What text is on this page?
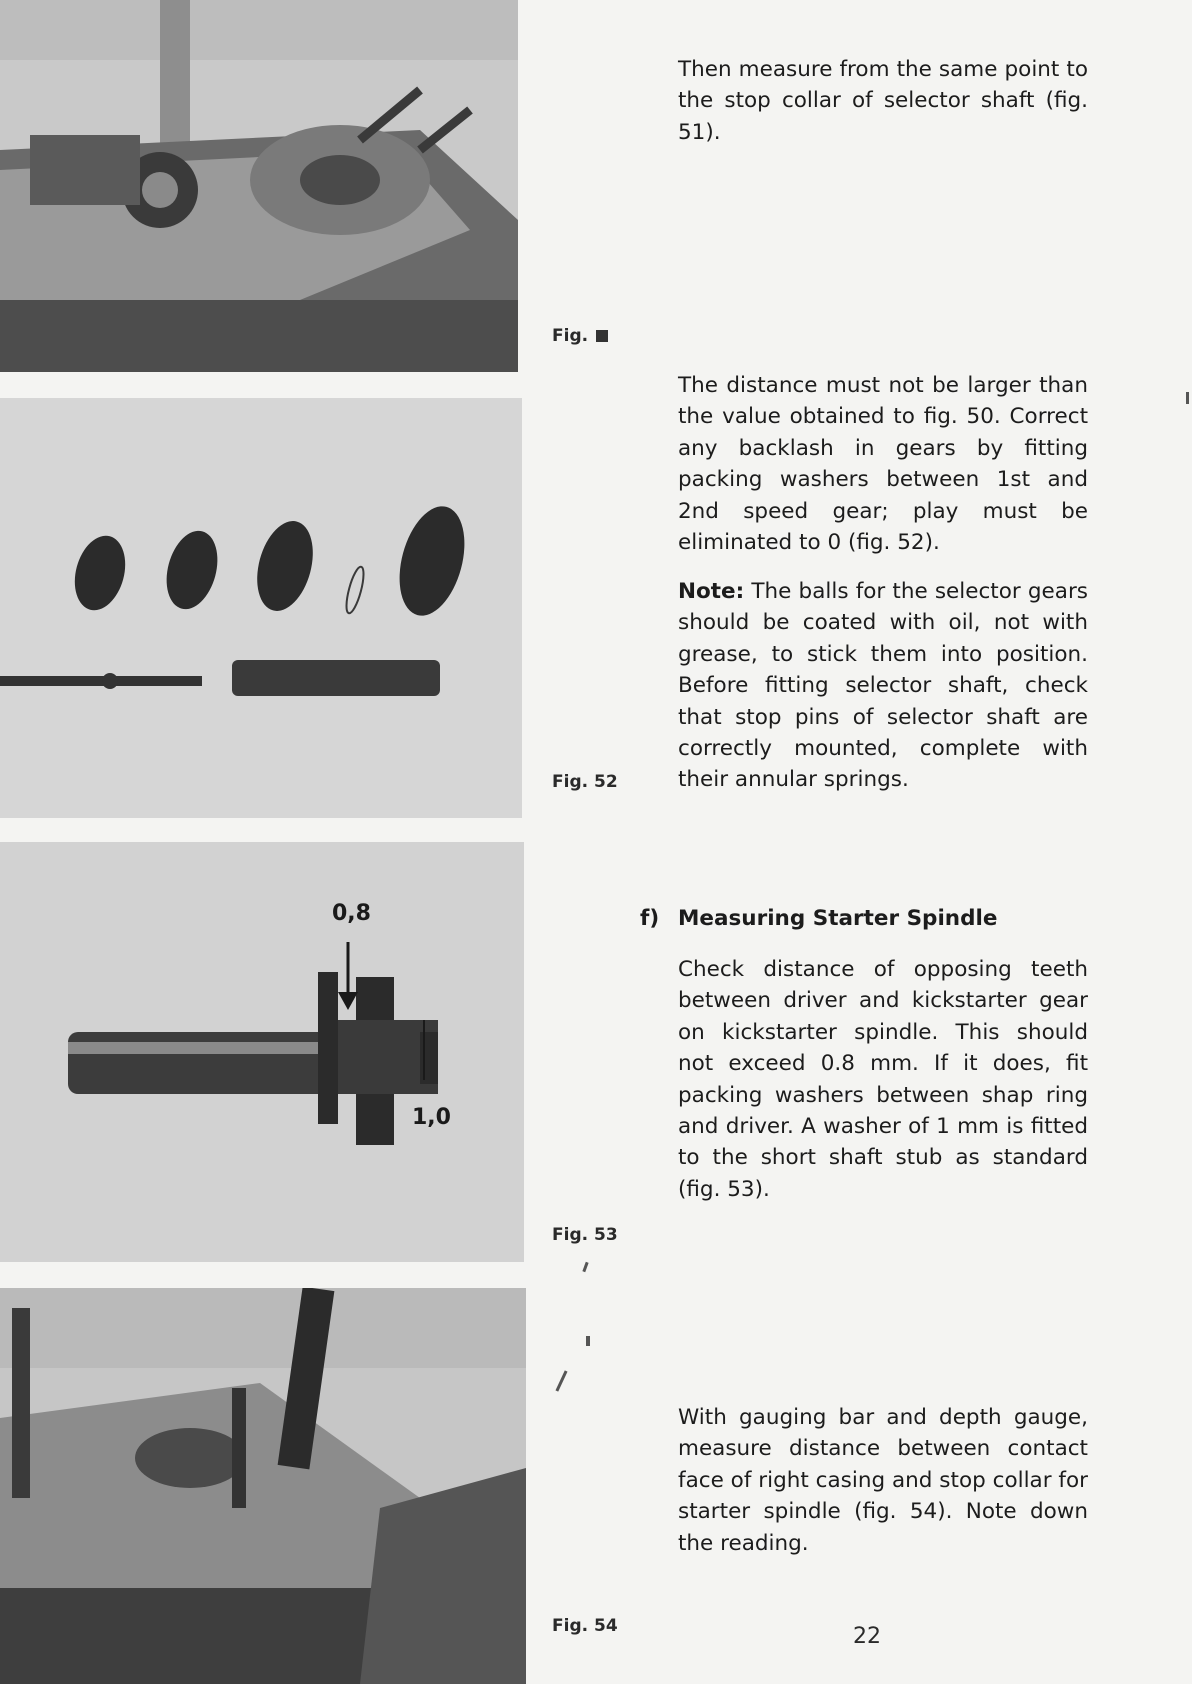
Fig.
Fig. 52
0,8
1,0
Fig. 53
Fig. 54

Then measure from the same point to the stop collar of selector shaft (fig. 51).

The distance must not be larger than the value obtained to fig. 50. Correct any backlash in gears by fitting packing washers between 1st and 2nd speed gear; play must be eliminated to 0 (fig. 52).

Note: The balls for the selector gears should be coated with oil, not with grease, to stick them into position. Before fitting selector shaft, check that stop pins of selector shaft are correctly mounted, complete with their annular springs.

f) Measuring Starter Spindle

Check distance of opposing teeth between driver and kickstarter gear on kickstarter spindle. This should not exceed 0.8 mm. If it does, fit packing washers between shap ring and driver. A washer of 1 mm is fitted to the short shaft stub as standard (fig. 53).

With gauging bar and depth gauge, measure distance between contact face of right casing and stop collar for starter spindle (fig. 54). Note down the reading.

22
